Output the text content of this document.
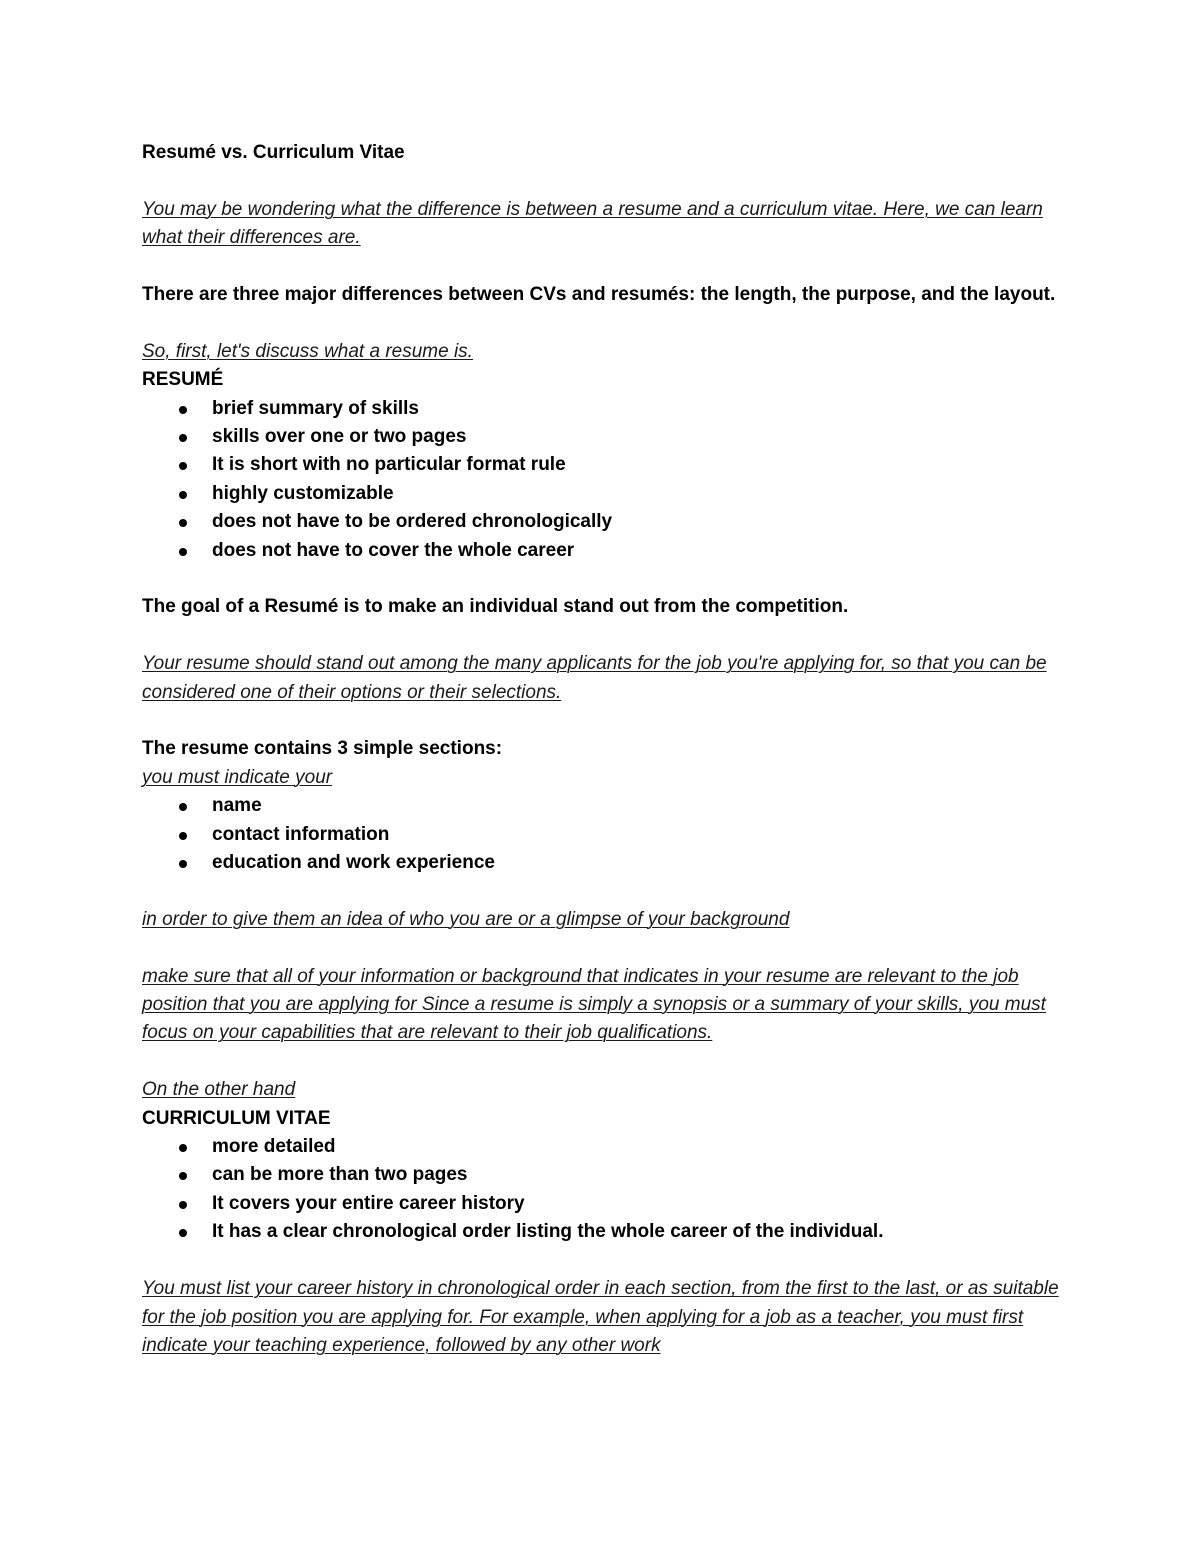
Resumé vs. Curriculum Vitae

You may be wondering what the difference is between a resume and a curriculum vitae. Here, we can learn what their differences are.

There are three major differences between CVs and resumés: the length, the purpose, and the layout.

So, first, let's discuss what a resume is.

RESUMÉ

brief summary of skills
skills over one or two pages
It is short with no particular format rule
highly customizable
does not have to be ordered chronologically
does not have to cover the whole career

The goal of a Resumé is to make an individual stand out from the competition.

Your resume should stand out among the many applicants for the job you're applying for, so that you can be considered one of their options or their selections.

The resume contains 3 simple sections:

you must indicate your

name
contact information
education and work experience

in order to give them an idea of who you are or a glimpse of your background

make sure that all of your information or background that indicates in your resume are relevant to the job position that you are applying for Since a resume is simply a synopsis or a summary of your skills, you must focus on your capabilities that are relevant to their job qualifications.

On the other hand

CURRICULUM VITAE

more detailed
can be more than two pages
It covers your entire career history
It has a clear chronological order listing the whole career of the individual.

You must list your career history in chronological order in each section, from the first to the last, or as suitable for the job position you are applying for. For example, when applying for a job as a teacher, you must first indicate your teaching experience, followed by any other work
